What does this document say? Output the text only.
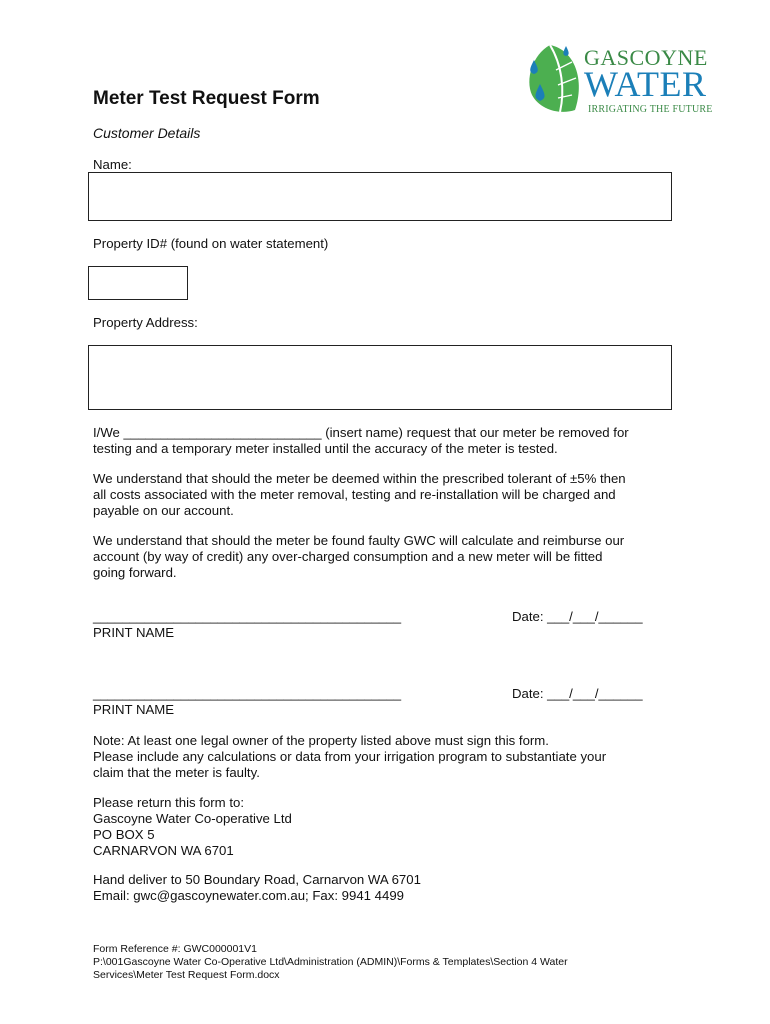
GASCOYNE
WATER
IRRIGATING THE FUTURE
Meter Test Request Form
Customer Details
Name:
Property ID# (found on water statement)
Property Address:
I/We ___________________________ (insert name) request that our meter be removed for
testing and a temporary meter installed until the accuracy of the meter is tested.
We understand that should the meter be deemed within the prescribed tolerant of ±5% then
all costs associated with the meter removal, testing and re-installation will be charged and
payable on our account.
We understand that should the meter be found faulty GWC will calculate and reimburse our
account (by way of credit) any over-charged consumption and a new meter will be fitted
going forward.
__________________________________________
PRINT NAME
Date: ___/___/______
__________________________________________
PRINT NAME
Date: ___/___/______
Note: At least one legal owner of the property listed above must sign this form.
Please include any calculations or data from your irrigation program to substantiate your
claim that the meter is faulty.
Please return this form to:
Gascoyne Water Co-operative Ltd
PO BOX 5
CARNARVON WA 6701
Hand deliver to 50 Boundary Road, Carnarvon WA 6701
Email: gwc@gascoynewater.com.au; Fax: 9941 4499
Form Reference #: GWC000001V1
P:\001Gascoyne Water Co-Operative Ltd\Administration (ADMIN)\Forms & Templates\Section 4 Water
Services\Meter Test Request Form.docx
